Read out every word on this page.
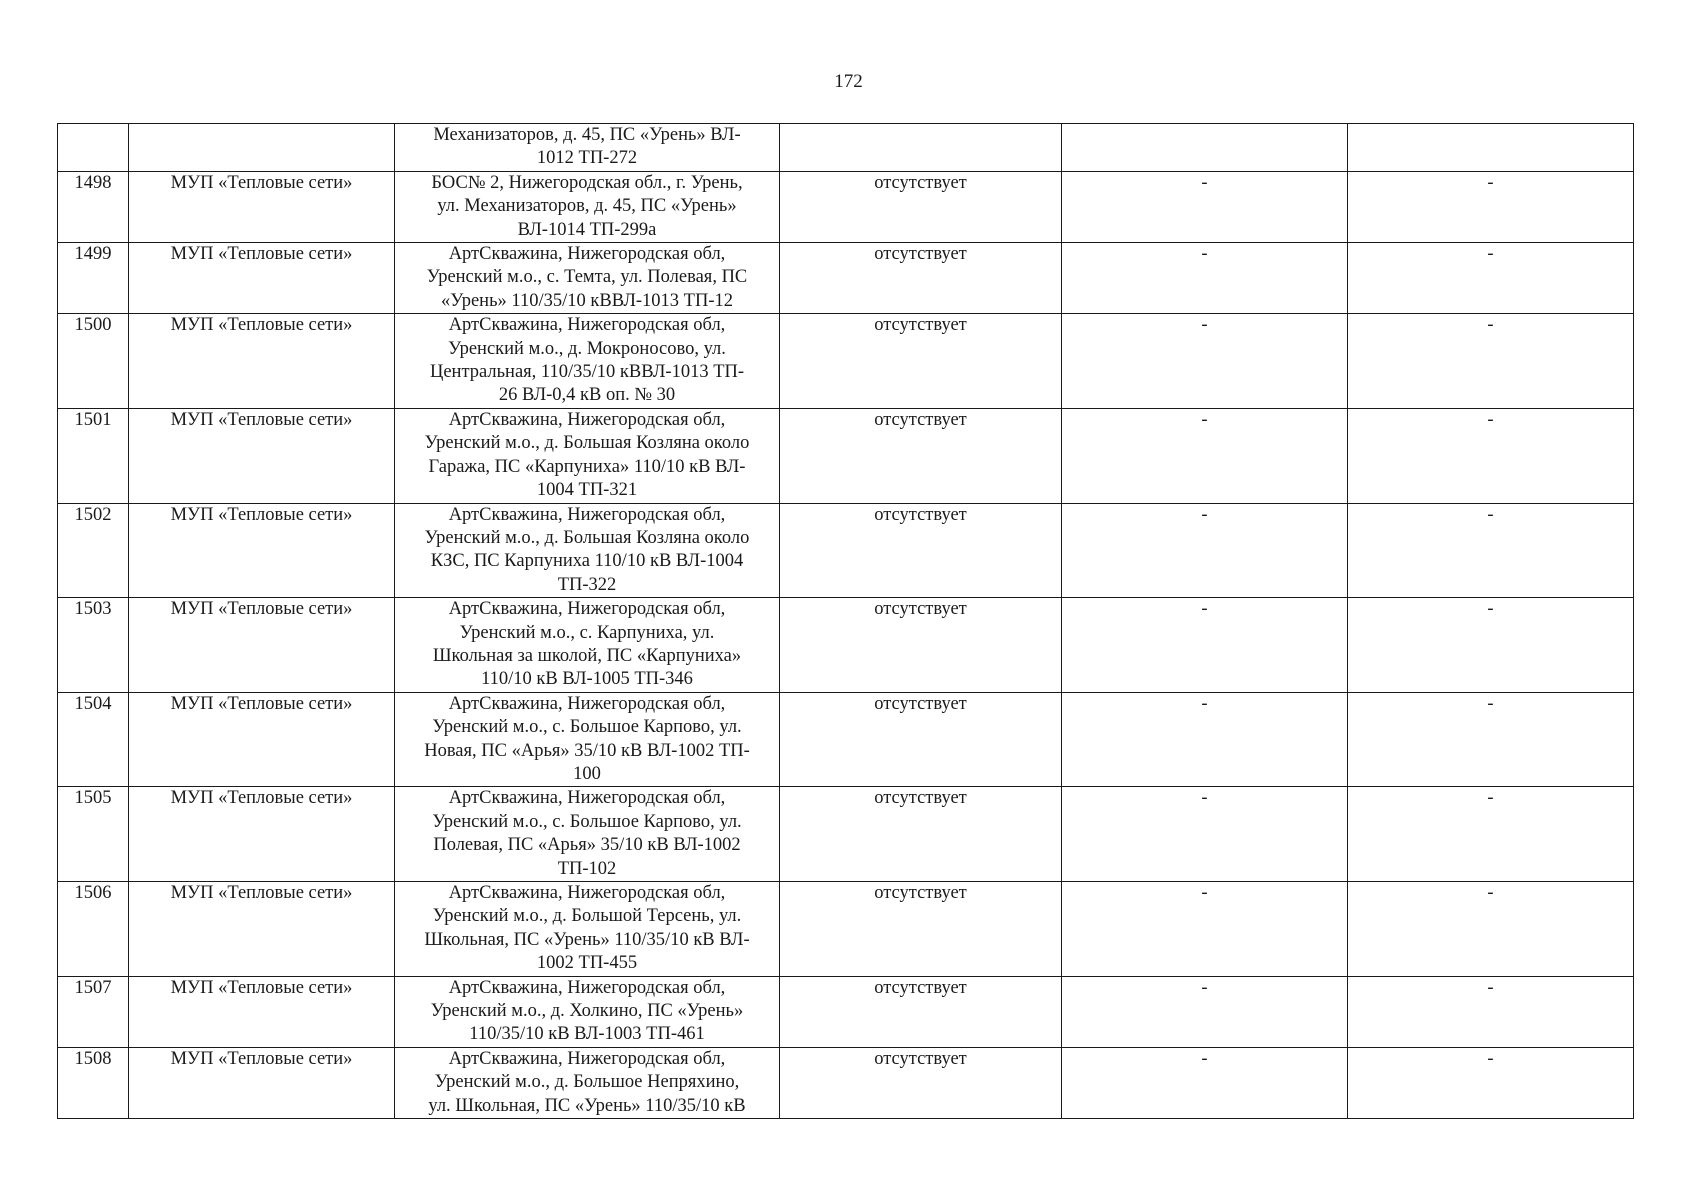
172

		Механизаторов, д. 45, ПС «Урень» ВЛ-
1012 ТП-272			

1498	МУП «Тепловые сети»	БОС№ 2, Нижегородская обл., г. Урень,
ул. Механизаторов, д. 45, ПС «Урень»
ВЛ-1014 ТП-299а	отсутствует	-	-
1499	МУП «Тепловые сети»	АртСкважина, Нижегородская обл,
Уренский м.о., с. Темта, ул. Полевая, ПС
«Урень» 110/35/10 кВВЛ-1013 ТП-12	отсутствует	-	-
1500	МУП «Тепловые сети»	АртСкважина, Нижегородская обл,
Уренский м.о., д. Мокроносово, ул.
Центральная, 110/35/10 кВВЛ-1013 ТП-
26 ВЛ-0,4 кВ оп. № 30	отсутствует	-	-
1501	МУП «Тепловые сети»	АртСкважина, Нижегородская обл,
Уренский м.о., д. Большая Козляна около
Гаража, ПС «Карпуниха» 110/10 кВ ВЛ-
1004 ТП-321	отсутствует	-	-
1502	МУП «Тепловые сети»	АртСкважина, Нижегородская обл,
Уренский м.о., д. Большая Козляна около
КЗС, ПС Карпуниха 110/10 кВ ВЛ-1004
ТП-322	отсутствует	-	-
1503	МУП «Тепловые сети»	АртСкважина, Нижегородская обл,
Уренский м.о., с. Карпуниха, ул.
Школьная за школой, ПС «Карпуниха»
110/10 кВ ВЛ-1005 ТП-346	отсутствует	-	-
1504	МУП «Тепловые сети»	АртСкважина, Нижегородская обл,
Уренский м.о., с. Большое Карпово, ул.
Новая, ПС «Арья» 35/10 кВ ВЛ-1002 ТП-
100	отсутствует	-	-
1505	МУП «Тепловые сети»	АртСкважина, Нижегородская обл,
Уренский м.о., с. Большое Карпово, ул.
Полевая, ПС «Арья» 35/10 кВ ВЛ-1002
ТП-102	отсутствует	-	-
1506	МУП «Тепловые сети»	АртСкважина, Нижегородская обл,
Уренский м.о., д. Большой Терсень, ул.
Школьная, ПС «Урень» 110/35/10 кВ ВЛ-
1002 ТП-455	отсутствует	-	-
1507	МУП «Тепловые сети»	АртСкважина, Нижегородская обл,
Уренский м.о., д. Холкино, ПС «Урень»
110/35/10 кВ ВЛ-1003 ТП-461	отсутствует	-	-
1508	МУП «Тепловые сети»	АртСкважина, Нижегородская обл,
Уренский м.о., д. Большое Непряхино,
ул. Школьная, ПС «Урень» 110/35/10 кВ	отсутствует	-	-
